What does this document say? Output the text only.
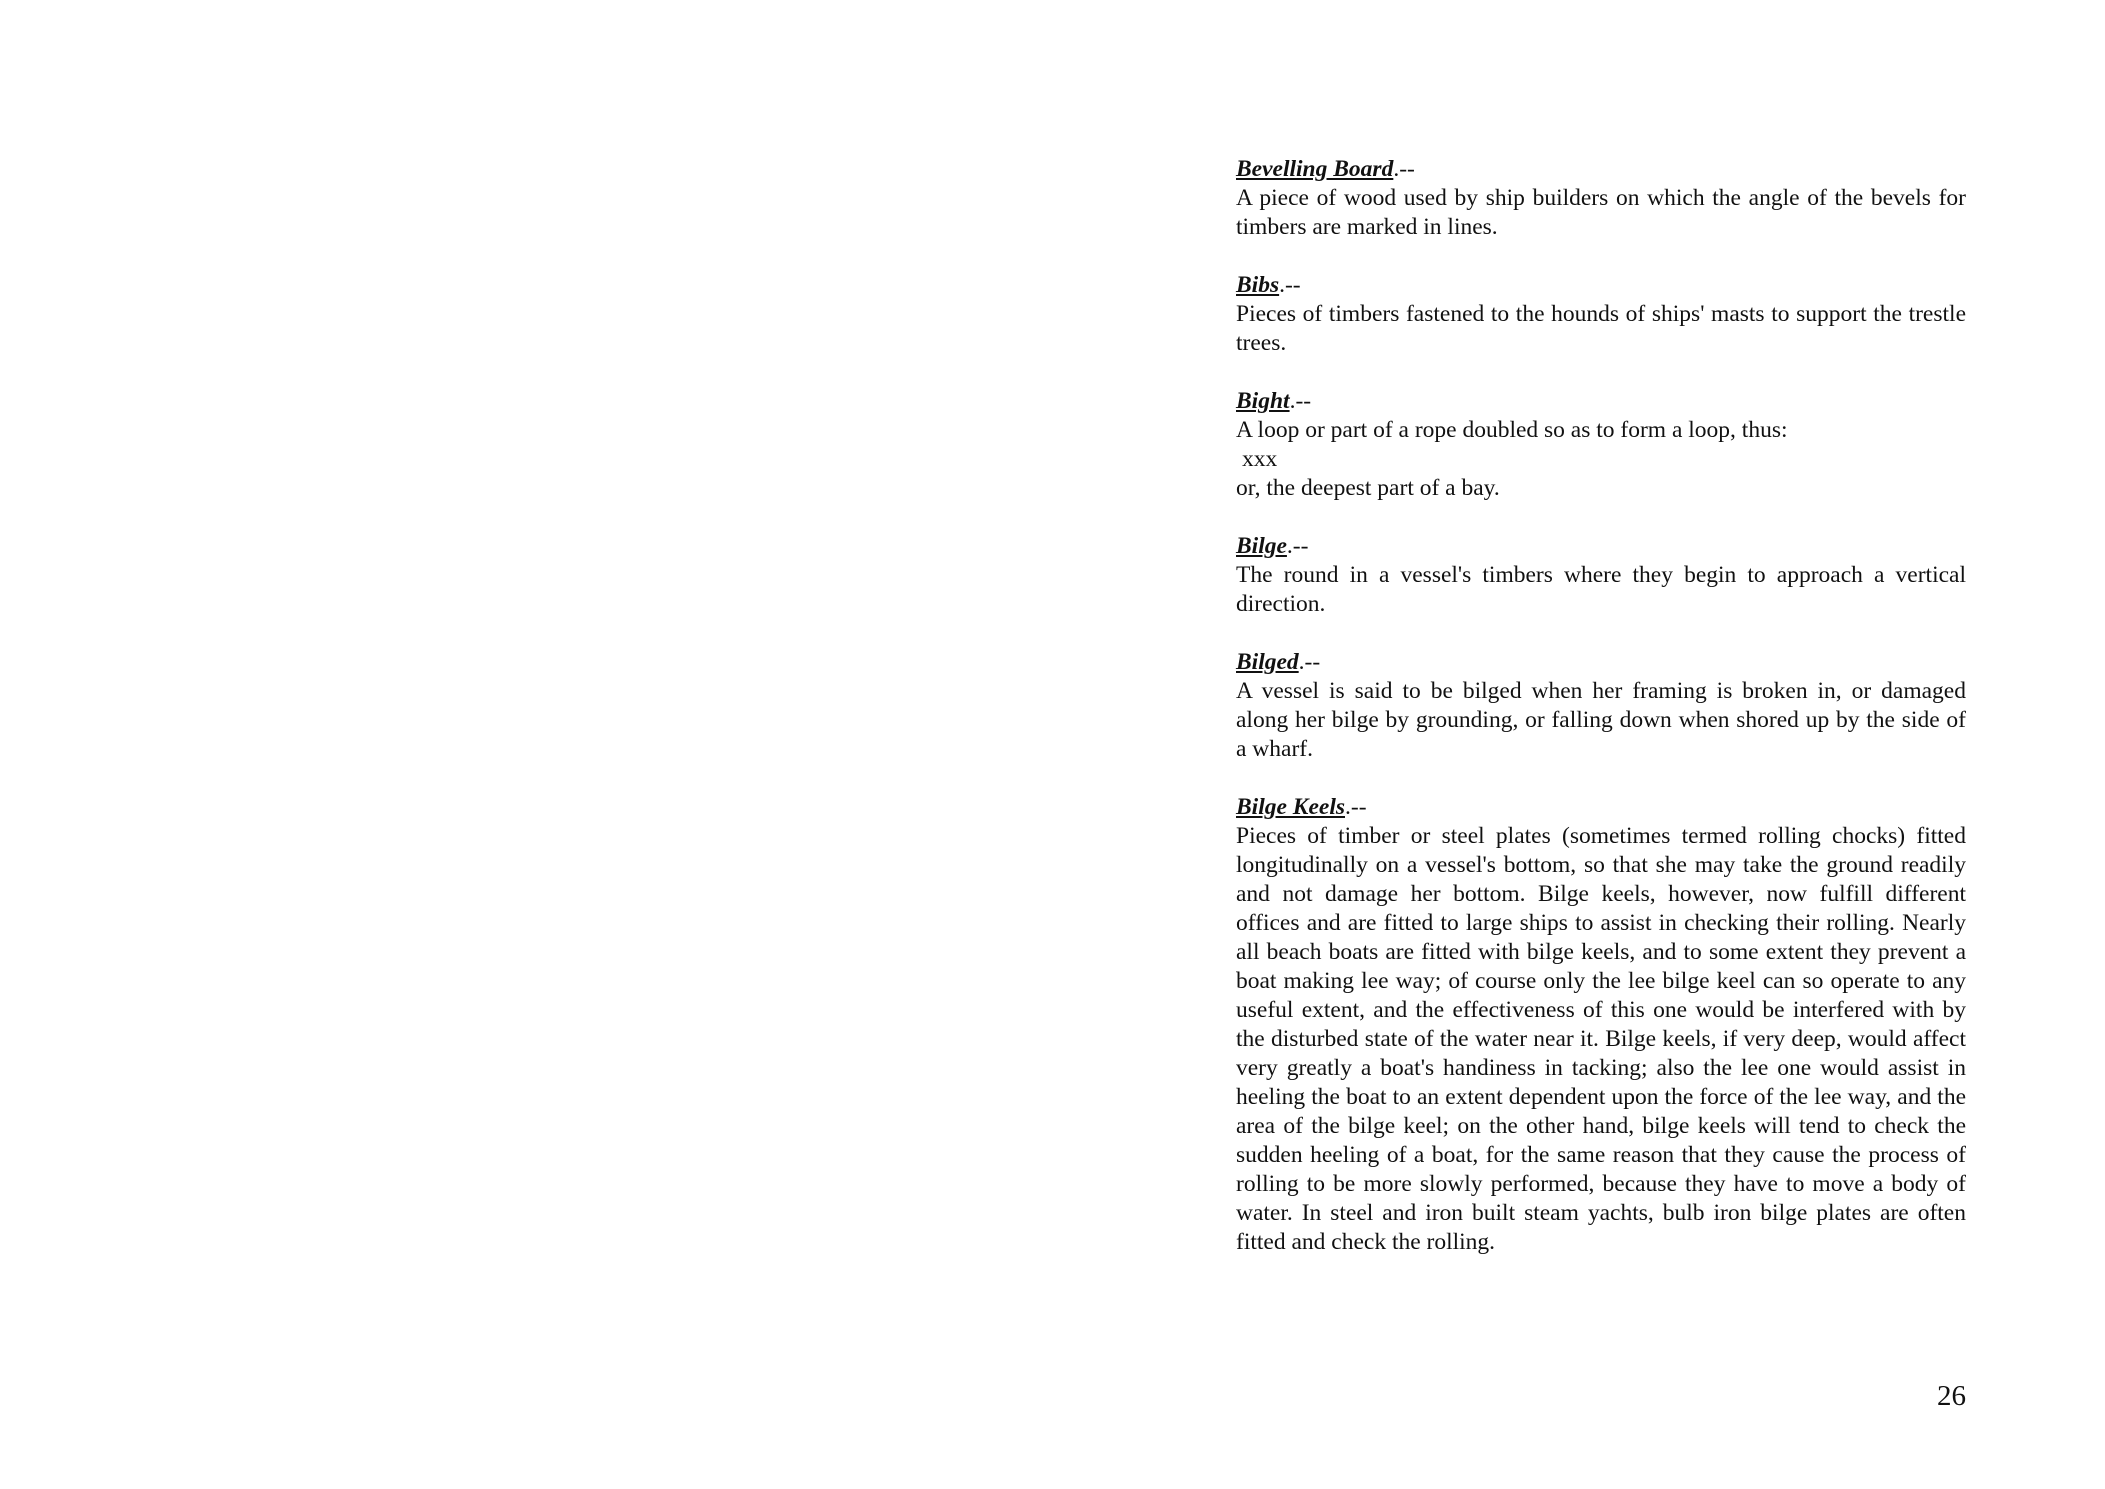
Bevelling Board.--

A piece of wood used by ship builders on which the angle of the bevels for timbers are marked in lines.

Bibs.--

Pieces of timbers fastened to the hounds of ships' masts to support the trestle trees.

Bight.--

A loop or part of a rope doubled so as to form a loop, thus:

xxx

or, the deepest part of a bay.

Bilge.--

The round in a vessel's timbers where they begin to approach a vertical direction.

Bilged.--

A vessel is said to be bilged when her framing is broken in, or damaged along her bilge by grounding, or falling down when shored up by the side of a wharf.

Bilge Keels.--

Pieces of timber or steel plates (sometimes termed rolling chocks) fitted longitudinally on a vessel's bottom, so that she may take the ground readily and not damage her bottom. Bilge keels, however, now fulfill different offices and are fitted to large ships to assist in checking their rolling. Nearly all beach boats are fitted with bilge keels, and to some extent they prevent a boat making lee way; of course only the lee bilge keel can so operate to any useful extent, and the effectiveness of this one would be interfered with by the disturbed state of the water near it. Bilge keels, if very deep, would affect very greatly a boat's handiness in tacking; also the lee one would assist in heeling the boat to an extent dependent upon the force of the lee way, and the area of the bilge keel; on the other hand, bilge keels will tend to check the sudden heeling of a boat, for the same reason that they cause the process of rolling to be more slowly performed, because they have to move a body of water. In steel and iron built steam yachts, bulb iron bilge plates are often fitted and check the rolling.

26
